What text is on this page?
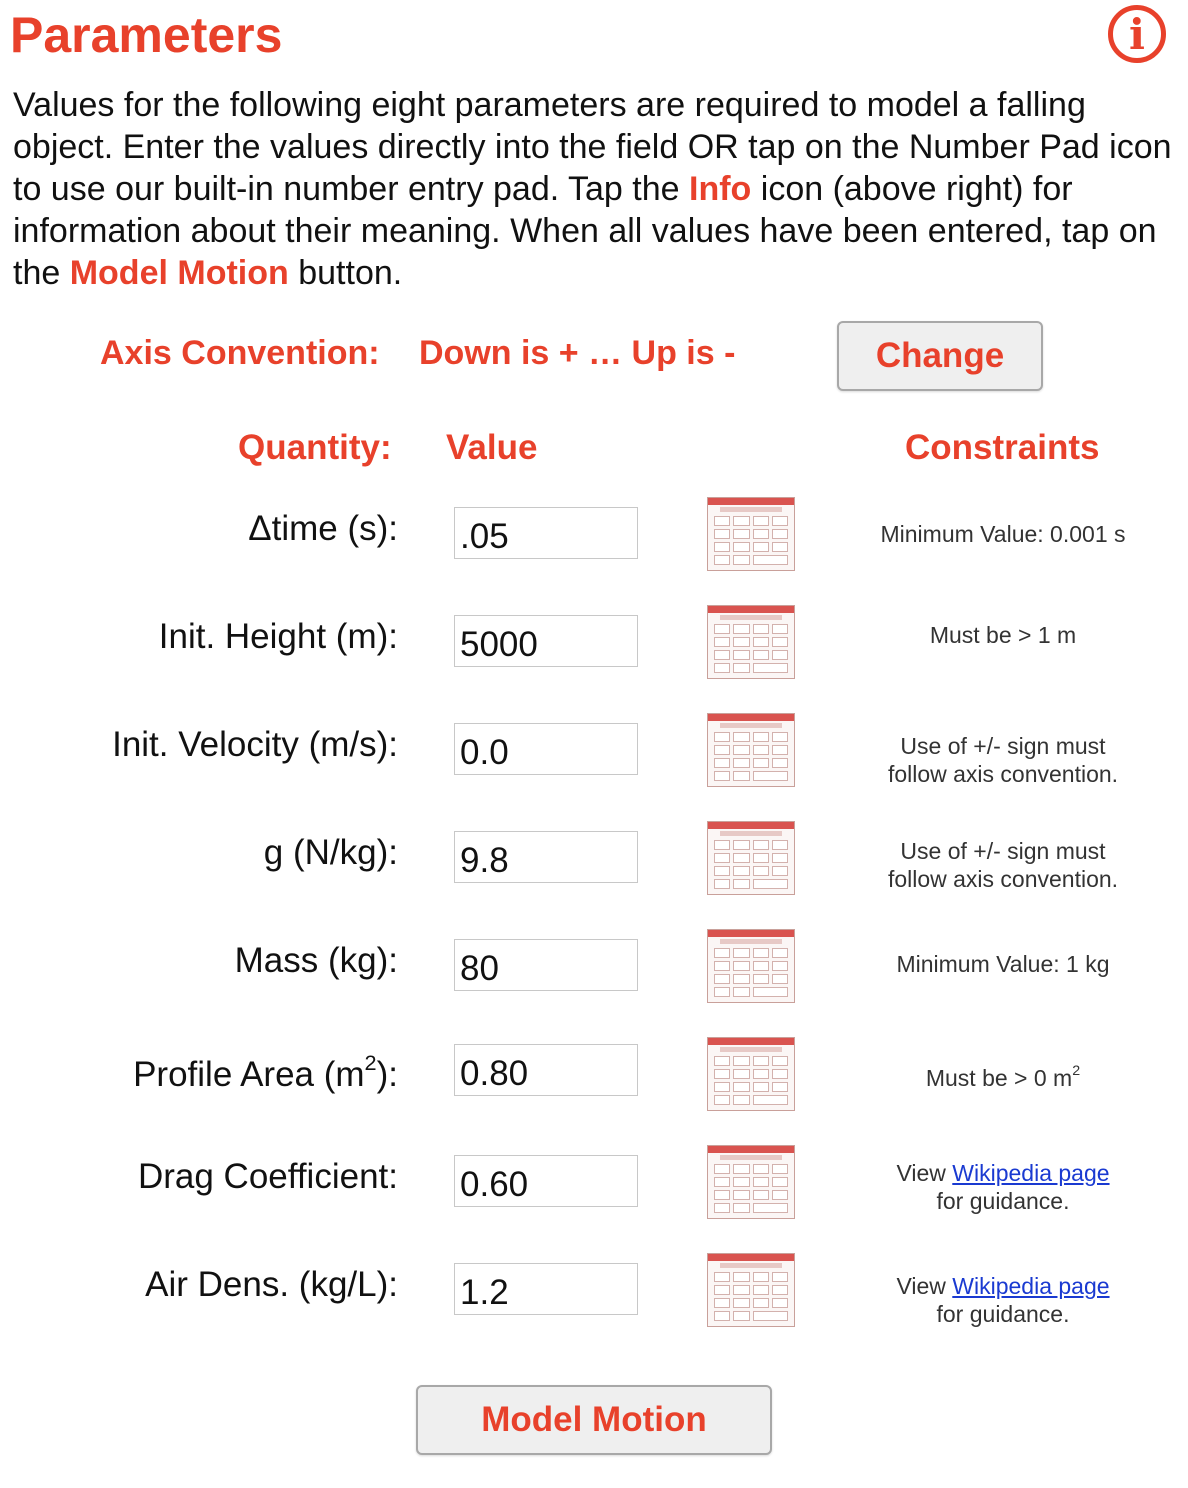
Parameters	i
Values for the following eight parameters are required to model a falling object. Enter the values directly into the field OR tap on the Number Pad icon to use our built-in number entry pad. Tap the Info icon (above right) for information about their meaning. When all values have been entered, tap on the Model Motion button.
Axis Convention: Down is + … Up is -	Change
Quantity: Value	Constraints
Δtime (s):
.05	Minimum Value: 0.001 s
Init. Height (m):
5000	Must be > 1 m
Init. Velocity (m/s):
0.0	Use of +/- sign must
follow axis convention.
g (N/kg):
9.8	Use of +/- sign must
follow axis convention.
Mass (kg):
80	Minimum Value: 1 kg
Profile Area $(m^2)$:
0.80	Must be > 0 $m^2$
Drag Coefficient:
0.60	View Wikipedia page
for guidance.
Air Dens. (kg/L):
1.2	View Wikipedia page
for guidance.
Model Motion
